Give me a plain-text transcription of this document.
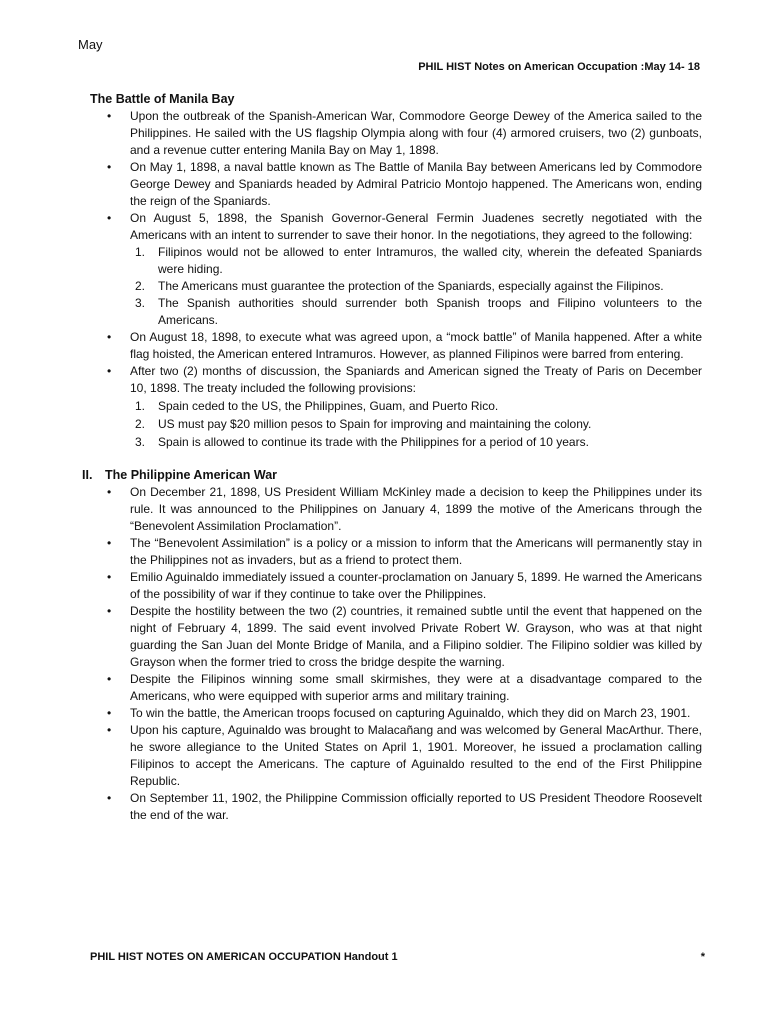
May
PHIL HIST Notes on American Occupation :May 14- 18

The Battle of Manila Bay

• Upon the outbreak of the Spanish-American War, Commodore George Dewey of the America sailed to the Philippines. He sailed with the US flagship Olympia along with four (4) armored cruisers, two (2) gunboats, and a revenue cutter entering Manila Bay on May 1, 1898.
• On May 1, 1898, a naval battle known as The Battle of Manila Bay between Americans led by Commodore George Dewey and Spaniards headed by Admiral Patricio Montojo happened. The Americans won, ending the reign of the Spaniards.
• On August 5, 1898, the Spanish Governor-General Fermin Juadenes secretly negotiated with the Americans with an intent to surrender to save their honor. In the negotiations, they agreed to the following:
1. Filipinos would not be allowed to enter Intramuros, the walled city, wherein the defeated Spaniards were hiding.
2. The Americans must guarantee the protection of the Spaniards, especially against the Filipinos.
3. The Spanish authorities should surrender both Spanish troops and Filipino volunteers to the Americans.
• On August 18, 1898, to execute what was agreed upon, a “mock battle” of Manila happened. After a white flag hoisted, the American entered Intramuros. However, as planned Filipinos were barred from entering.
• After two (2) months of discussion, the Spaniards and American signed the Treaty of Paris on December 10, 1898. The treaty included the following provisions:
1. Spain ceded to the US, the Philippines, Guam, and Puerto Rico.
2. US must pay $20 million pesos to Spain for improving and maintaining the colony.
3. Spain is allowed to continue its trade with the Philippines for a period of 10 years.

II. The Philippine American War

• On December 21, 1898, US President William McKinley made a decision to keep the Philippines under its rule. It was announced to the Philippines on January 4, 1899 the motive of the Americans through the “Benevolent Assimilation Proclamation”.
• The “Benevolent Assimilation” is a policy or a mission to inform that the Americans will permanently stay in the Philippines not as invaders, but as a friend to protect them.
• Emilio Aguinaldo immediately issued a counter-proclamation on January 5, 1899. He warned the Americans of the possibility of war if they continue to take over the Philippines.
• Despite the hostility between the two (2) countries, it remained subtle until the event that happened on the night of February 4, 1899. The said event involved Private Robert W. Grayson, who was at that night guarding the San Juan del Monte Bridge of Manila, and a Filipino soldier. The Filipino soldier was killed by Grayson when the former tried to cross the bridge despite the warning.
• Despite the Filipinos winning some small skirmishes, they were at a disadvantage compared to the Americans, who were equipped with superior arms and military training.
• To win the battle, the American troops focused on capturing Aguinaldo, which they did on March 23, 1901.
• Upon his capture, Aguinaldo was brought to Malacañang and was welcomed by General MacArthur. There, he swore allegiance to the United States on April 1, 1901. Moreover, he issued a proclamation calling Filipinos to accept the Americans. The capture of Aguinaldo resulted to the end of the First Philippine Republic.
• On September 11, 1902, the Philippine Commission officially reported to US President Theodore Roosevelt the end of the war.
PHIL HIST NOTES ON AMERICAN OCCUPATION Handout 1	*
